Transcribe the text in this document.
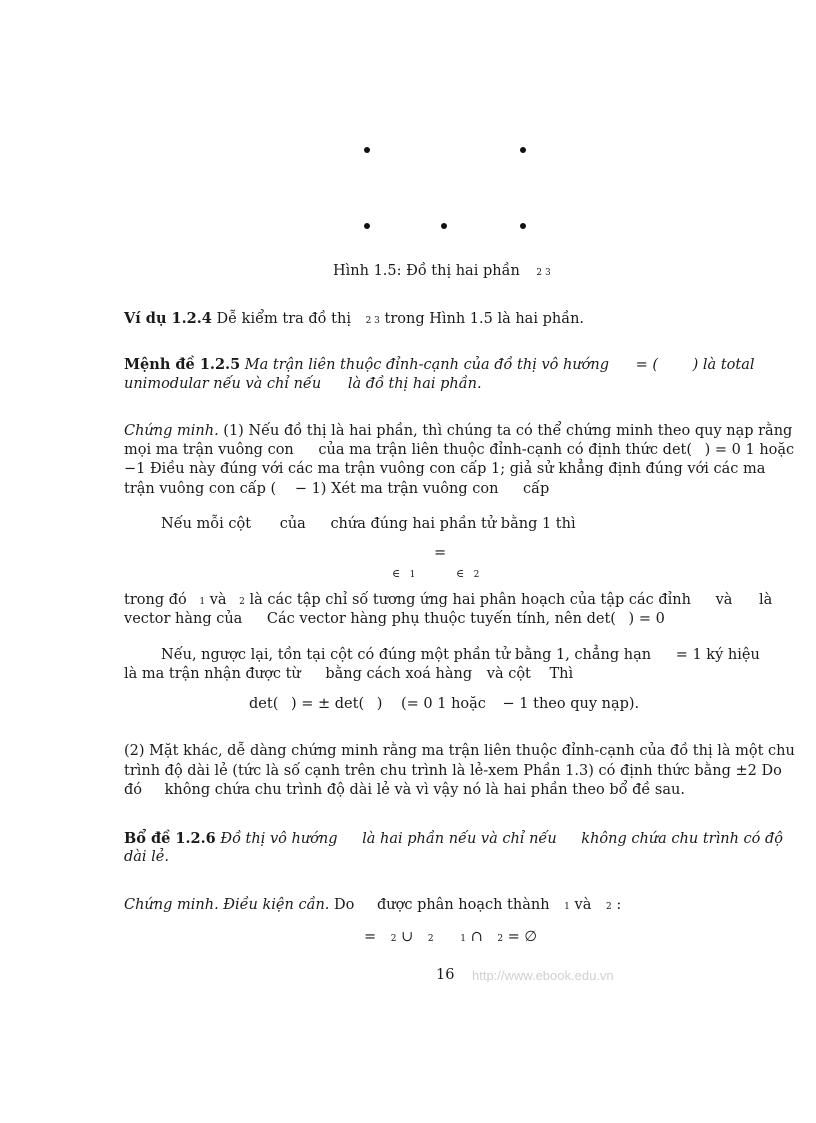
Hình 1.5: Đồ thị hai phần 2 3
Ví dụ 1.2.4 Dễ kiểm tra đồ thị 2 3 trong Hình 1.5 là hai phần.
Mệnh đề 1.2.5 Ma trận liên thuộc đỉnh-cạnh của đồ thị vô hướng = ( ) là total
unimodular nếu và chỉ nếu là đồ thị hai phần.
Chứng minh. (1) Nếu đồ thị là hai phần, thì chúng ta có thể chứng minh theo quy nạp rằng
mọi ma trận vuông con của ma trận liên thuộc đỉnh-cạnh có định thức det( ) = 0 1 hoặc
−1 Điều này đúng với các ma trận vuông con cấp 1; giả sử khẳng định đúng với các ma
trận vuông con cấp ( − 1) Xét ma trận vuông con cấp
Nếu mỗi cột của chứa đúng hai phần tử bằng 1 thì
=
∈ 1	∈ 2
trong đó 1 và 2 là các tập chỉ số tương ứng hai phân hoạch của tập các đỉnh và là
vector hàng của Các vector hàng phụ thuộc tuyến tính, nên det( ) = 0
Nếu, ngược lại, tồn tại cột có đúng một phần tử bằng 1, chẳng hạn = 1 ký hiệu
là ma trận nhận được từ bằng cách xoá hàng và cột Thì
det( ) = ± det( ) (= 0 1 hoặc − 1 theo quy nạp).
(2) Mặt khác, dễ dàng chứng minh rằng ma trận liên thuộc đỉnh-cạnh của đồ thị là một chu
trình độ dài lẻ (tức là số cạnh trên chu trình là lẻ-xem Phần 1.3) có định thức bằng ±2 Do
đó không chứa chu trình độ dài lẻ và vì vậy nó là hai phần theo bổ đề sau.
Bổ đề 1.2.6 Đồ thị vô hướng là hai phần nếu và chỉ nếu không chứa chu trình có độ
dài lẻ.
Chứng minh. Điều kiện cần. Do được phân hoạch thành 1 và 2 :
= 2 ∪ 2	1 ∩ 2 = ∅
16 http://www.ebook.edu.vn
